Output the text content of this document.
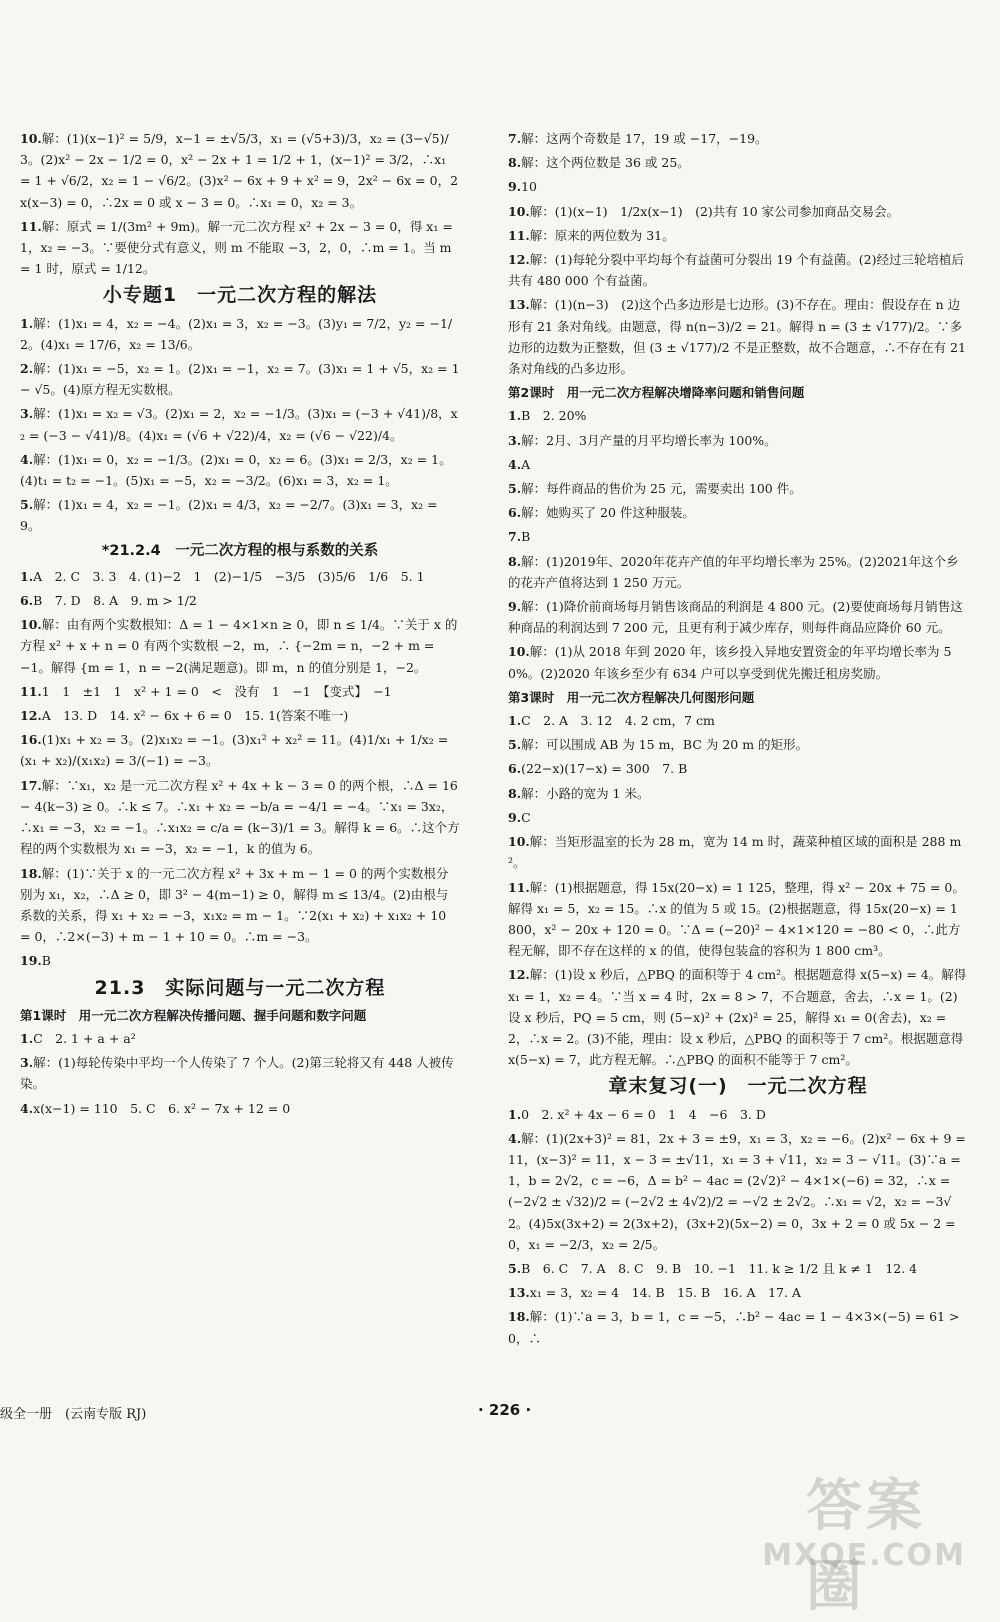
10.解：(1)(x−1)² = 5/9，x−1 = ±√5/3，x₁ = (√5+3)/3，x₂ = (3−√5)/3。(2)x² − 2x − 1/2 = 0，x² − 2x + 1 = 1/2 + 1，(x−1)² = 3/2，∴x₁ = 1 + √6/2，x₂ = 1 − √6/2。(3)x² − 6x + 9 + x² = 9，2x² − 6x = 0，2x(x−3) = 0，∴2x = 0 或 x − 3 = 0。∴x₁ = 0，x₂ = 3。
11.解：原式 = 1/(3m² + 9m)。解一元二次方程 x² + 2x − 3 = 0，得 x₁ = 1，x₂ = −3。∵要使分式有意义，则 m 不能取 −3，2，0，∴m = 1。当 m = 1 时，原式 = 1/12。
小专题1　一元二次方程的解法
1.解：(1)x₁ = 4，x₂ = −4。(2)x₁ = 3，x₂ = −3。(3)y₁ = 7/2，y₂ = −1/2。(4)x₁ = 17/6，x₂ = 13/6。
2.解：(1)x₁ = −5，x₂ = 1。(2)x₁ = −1，x₂ = 7。(3)x₁ = 1 + √5，x₂ = 1 − √5。(4)原方程无实数根。
3.解：(1)x₁ = x₂ = √3。(2)x₁ = 2，x₂ = −1/3。(3)x₁ = (−3 + √41)/8，x₂ = (−3 − √41)/8。(4)x₁ = (√6 + √22)/4，x₂ = (√6 − √22)/4。
4.解：(1)x₁ = 0，x₂ = −1/3。(2)x₁ = 0，x₂ = 6。(3)x₁ = 2/3，x₂ = 1。(4)t₁ = t₂ = −1。(5)x₁ = −5，x₂ = −3/2。(6)x₁ = 3，x₂ = 1。
5.解：(1)x₁ = 4，x₂ = −1。(2)x₁ = 4/3，x₂ = −2/7。(3)x₁ = 3，x₂ = 9。
*21.2.4　一元二次方程的根与系数的关系
1.A　2. C　3. 3　4. (1)−2　1　(2)−1/5　−3/5　(3)5/6　1/6　5. 1
6.B　7. D　8. A　9. m > 1/2
10.解：由有两个实数根知：Δ = 1 − 4×1×n ≥ 0，即 n ≤ 1/4。∵关于 x 的方程 x² + x + n = 0 有两个实数根 −2，m，∴ {−2m = n，−2 + m = −1。解得 {m = 1，n = −2(满足题意)。即 m，n 的值分别是 1，−2。
11.1　1　±1　1　x² + 1 = 0　<　没有　1　−1　【变式】　−1
12.A　13. D　14. x² − 6x + 6 = 0　15. 1(答案不唯一)
16.(1)x₁ + x₂ = 3。(2)x₁x₂ = −1。(3)x₁² + x₂² = 11。(4)1/x₁ + 1/x₂ = (x₁ + x₂)/(x₁x₂) = 3/(−1) = −3。
17.解：∵x₁，x₂ 是一元二次方程 x² + 4x + k − 3 = 0 的两个根，∴Δ = 16 − 4(k−3) ≥ 0。∴k ≤ 7。∴x₁ + x₂ = −b/a = −4/1 = −4。∵x₁ = 3x₂，∴x₁ = −3，x₂ = −1。∴x₁x₂ = c/a = (k−3)/1 = 3。解得 k = 6。∴这个方程的两个实数根为 x₁ = −3，x₂ = −1，k 的值为 6。
18.解：(1)∵关于 x 的一元二次方程 x² + 3x + m − 1 = 0 的两个实数根分别为 x₁，x₂，∴Δ ≥ 0，即 3² − 4(m−1) ≥ 0，解得 m ≤ 13/4。(2)由根与系数的关系，得 x₁ + x₂ = −3，x₁x₂ = m − 1。∵2(x₁ + x₂) + x₁x₂ + 10 = 0，∴2×(−3) + m − 1 + 10 = 0。∴m = −3。
19.B
21.3　实际问题与一元二次方程
第1课时　用一元二次方程解决传播问题、握手问题和数字问题
1.C　2. 1 + a + a²
3.解：(1)每轮传染中平均一个人传染了 7 个人。(2)第三轮将又有 448 人被传染。
4.x(x−1) = 110　5. C　6. x² − 7x + 12 = 0
7.解：这两个奇数是 17，19 或 −17，−19。
8.解：这个两位数是 36 或 25。
9.10
10.解：(1)(x−1)　1/2x(x−1)　(2)共有 10 家公司参加商品交易会。
11.解：原来的两位数为 31。
12.解：(1)每轮分裂中平均每个有益菌可分裂出 19 个有益菌。(2)经过三轮培植后共有 480 000 个有益菌。
13.解：(1)(n−3)　(2)这个凸多边形是七边形。(3)不存在。理由：假设存在 n 边形有 21 条对角线。由题意，得 n(n−3)/2 = 21。解得 n = (3 ± √177)/2。∵多边形的边数为正整数，但 (3 ± √177)/2 不是正整数，故不合题意，∴不存在有 21 条对角线的凸多边形。
第2课时　用一元二次方程解决增降率问题和销售问题
1.B　2. 20%
3.解：2月、3月产量的月平均增长率为 100%。
4.A
5.解：每件商品的售价为 25 元，需要卖出 100 件。
6.解：她购买了 20 件这种服装。
7.B
8.解：(1)2019年、2020年花卉产值的年平均增长率为 25%。(2)2021年这个乡的花卉产值将达到 1 250 万元。
9.解：(1)降价前商场每月销售该商品的利润是 4 800 元。(2)要使商场每月销售这种商品的利润达到 7 200 元，且更有利于减少库存，则每件商品应降价 60 元。
10.解：(1)从 2018 年到 2020 年，该乡投入异地安置资金的年平均增长率为 50%。(2)2020 年该乡至少有 634 户可以享受到优先搬迁租房奖励。
第3课时　用一元二次方程解决几何图形问题
1.C　2. A　3. 12　4. 2 cm，7 cm
5.解：可以围成 AB 为 15 m，BC 为 20 m 的矩形。
6.(22−x)(17−x) = 300　7. B
8.解：小路的宽为 1 米。
9.C
10.解：当矩形温室的长为 28 m，宽为 14 m 时，蔬菜种植区域的面积是 288 m²。
11.解：(1)根据题意，得 15x(20−x) = 1 125，整理，得 x² − 20x + 75 = 0。解得 x₁ = 5，x₂ = 15。∴x 的值为 5 或 15。(2)根据题意，得 15x(20−x) = 1 800，x² − 20x + 120 = 0。∵Δ = (−20)² − 4×1×120 = −80 < 0，∴此方程无解，即不存在这样的 x 的值，使得包装盒的容积为 1 800 cm³。
12.解：(1)设 x 秒后，△PBQ 的面积等于 4 cm²。根据题意得 x(5−x) = 4。解得 x₁ = 1，x₂ = 4。∵当 x = 4 时，2x = 8 > 7，不合题意，舍去，∴x = 1。(2)设 x 秒后，PQ = 5 cm，则 (5−x)² + (2x)² = 25，解得 x₁ = 0(舍去)，x₂ = 2，∴x = 2。(3)不能，理由：设 x 秒后，△PBQ 的面积等于 7 cm²。根据题意得 x(5−x) = 7，此方程无解。∴△PBQ 的面积不能等于 7 cm²。
章末复习(一)　一元二次方程
1.0　2. x² + 4x − 6 = 0　1　4　−6　3. D
4.解：(1)(2x+3)² = 81，2x + 3 = ±9，x₁ = 3，x₂ = −6。(2)x² − 6x + 9 = 11，(x−3)² = 11，x − 3 = ±√11，x₁ = 3 + √11，x₂ = 3 − √11。(3)∵a = 1，b = 2√2，c = −6，Δ = b² − 4ac = (2√2)² − 4×1×(−6) = 32，∴x = (−2√2 ± √32)/2 = (−2√2 ± 4√2)/2 = −√2 ± 2√2。∴x₁ = √2，x₂ = −3√2。(4)5x(3x+2) = 2(3x+2)，(3x+2)(5x−2) = 0，3x + 2 = 0 或 5x − 2 = 0，x₁ = −2/3，x₂ = 2/5。
5.B　6. C　7. A　8. C　9. B　10. −1　11. k ≥ 1/2 且 k ≠ 1　12. 4
13.x₁ = 3，x₂ = 4　14. B　15. B　16. A　17. A
18.解：(1)∵a = 3，b = 1，c = −5，∴b² − 4ac = 1 − 4×3×(−5) = 61 > 0，∴
级全一册　(云南专版 RJ)	· 226 ·
答案圈
MXQE.COM
